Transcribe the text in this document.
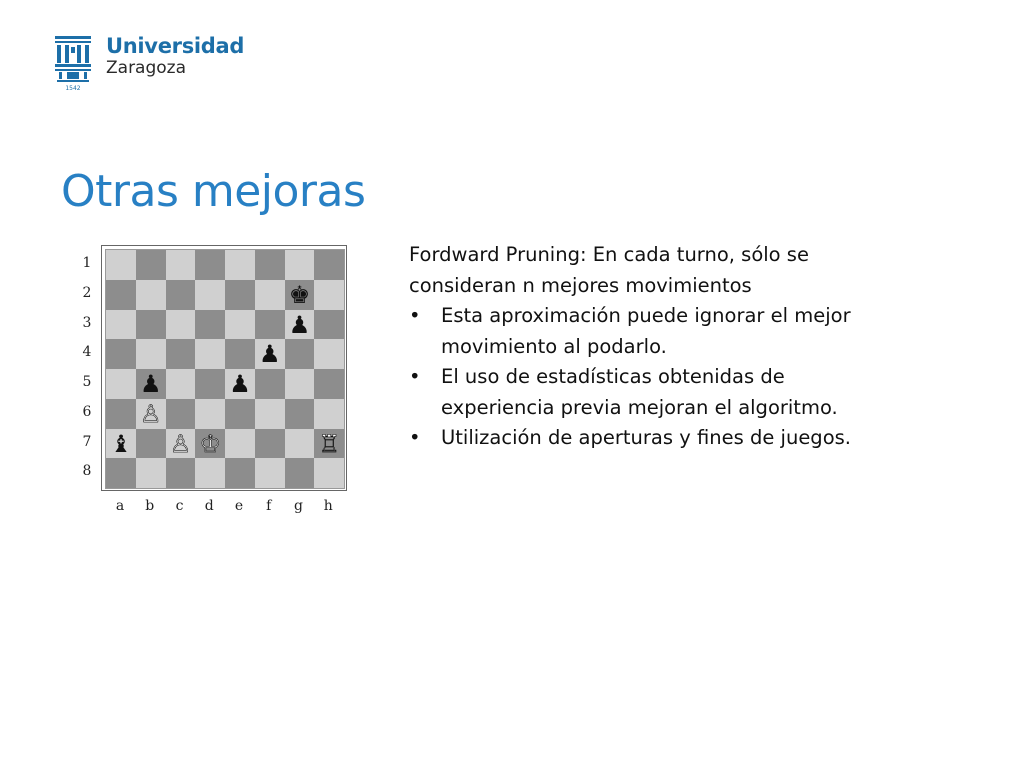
1542
Universidad
Zaragoza
Otras mejoras
1
2
3
4
5
6
7
8
♚
♟
♟
♟	♟
♙
♝ ♙ ♔	♖
a	b	c	d	e	f	g	h

Fordward Pruning: En cada turno, sólo se consideran n mejores movimientos

• Esta aproximación puede ignorar el mejor movimiento al podarlo.
• El uso de estadísticas obtenidas de experiencia previa mejoran el algoritmo.
• Utilización de aperturas y fines de juegos.
